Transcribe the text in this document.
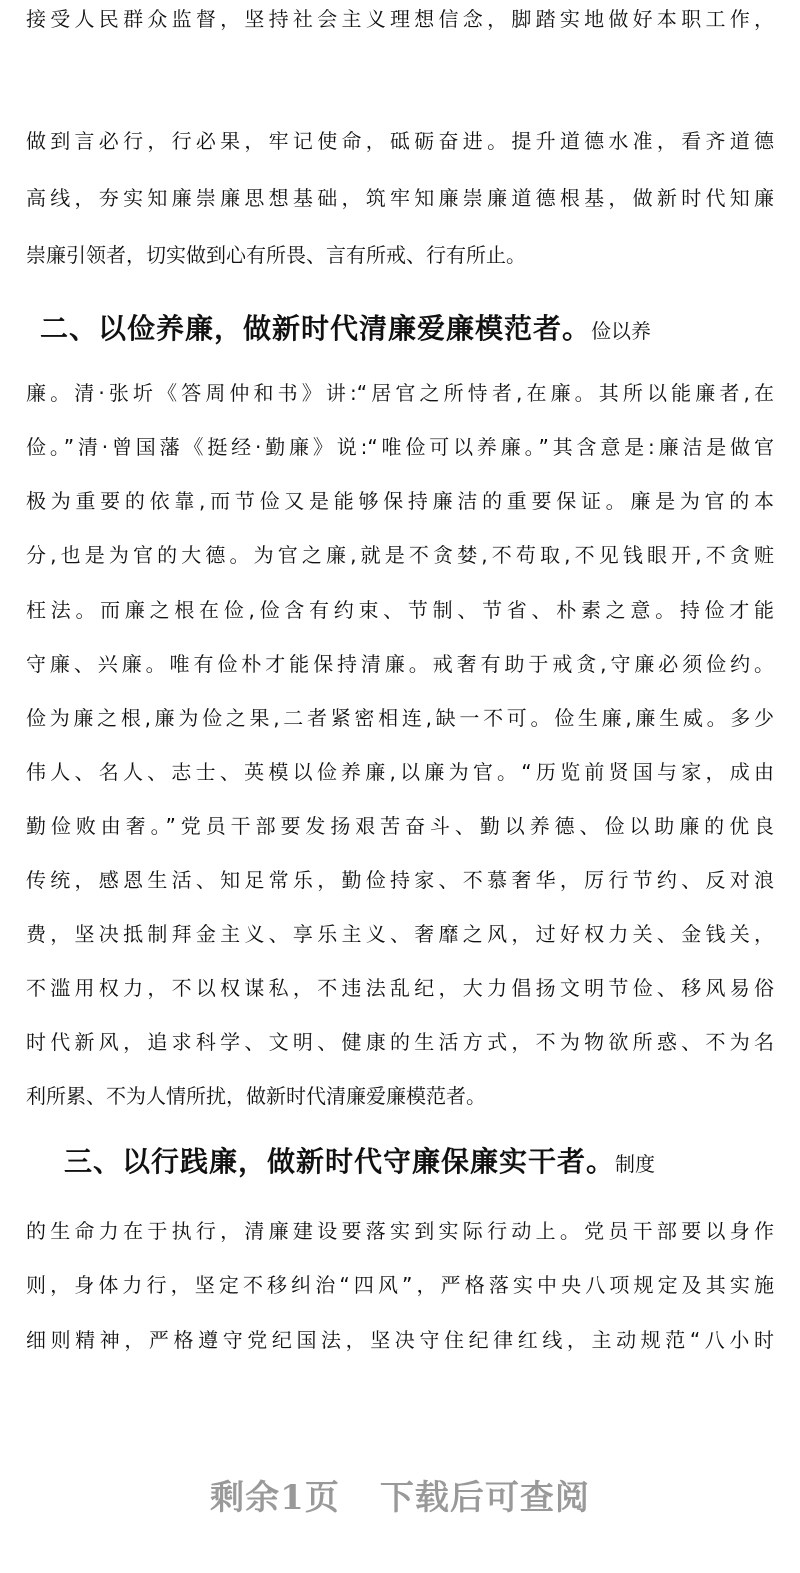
接受人民群众监督，坚持社会主义理想信念，脚踏实地做好本职工作，
做到言必行，行必果，牢记使命，砥砺奋进。提升道德水准，看齐道德
高线，夯实知廉崇廉思想基础，筑牢知廉崇廉道德根基，做新时代知廉
崇廉引领者，切实做到心有所畏、言有所戒、行有所止。
二、以俭养廉，做新时代清廉爱廉模范者。俭以养
廉。清·张圻《答周仲和书》讲:“居官之所恃者,在廉。其所以能廉者,在
俭。”清·曾国藩《挺经·勤廉》说:“唯俭可以养廉。”其含意是:廉洁是做官
极为重要的依靠,而节俭又是能够保持廉洁的重要保证。廉是为官的本
分,也是为官的大德。为官之廉,就是不贪婪,不苟取,不见钱眼开,不贪赃
枉法。而廉之根在俭,俭含有约束、节制、节省、朴素之意。持俭才能
守廉、兴廉。唯有俭朴才能保持清廉。戒奢有助于戒贪,守廉必须俭约。
俭为廉之根,廉为俭之果,二者紧密相连,缺一不可。俭生廉,廉生威。多少
伟人、名人、志士、英模以俭养廉,以廉为官。“历览前贤国与家，成由
勤俭败由奢。”党员干部要发扬艰苦奋斗、勤以养德、俭以助廉的优良
传统，感恩生活、知足常乐，勤俭持家、不慕奢华，厉行节约、反对浪
费，坚决抵制拜金主义、享乐主义、奢靡之风，过好权力关、金钱关，
不滥用权力，不以权谋私，不违法乱纪，大力倡扬文明节俭、移风易俗
时代新风，追求科学、文明、健康的生活方式，不为物欲所惑、不为名
利所累、不为人情所扰，做新时代清廉爱廉模范者。
三、以行践廉，做新时代守廉保廉实干者。制度
的生命力在于执行，清廉建设要落实到实际行动上。党员干部要以身作
则，身体力行，坚定不移纠治“四风”，严格落实中央八项规定及其实施
细则精神，严格遵守党纪国法，坚决守住纪律红线，主动规范“八小时
剩余1页 下载后可查阅
